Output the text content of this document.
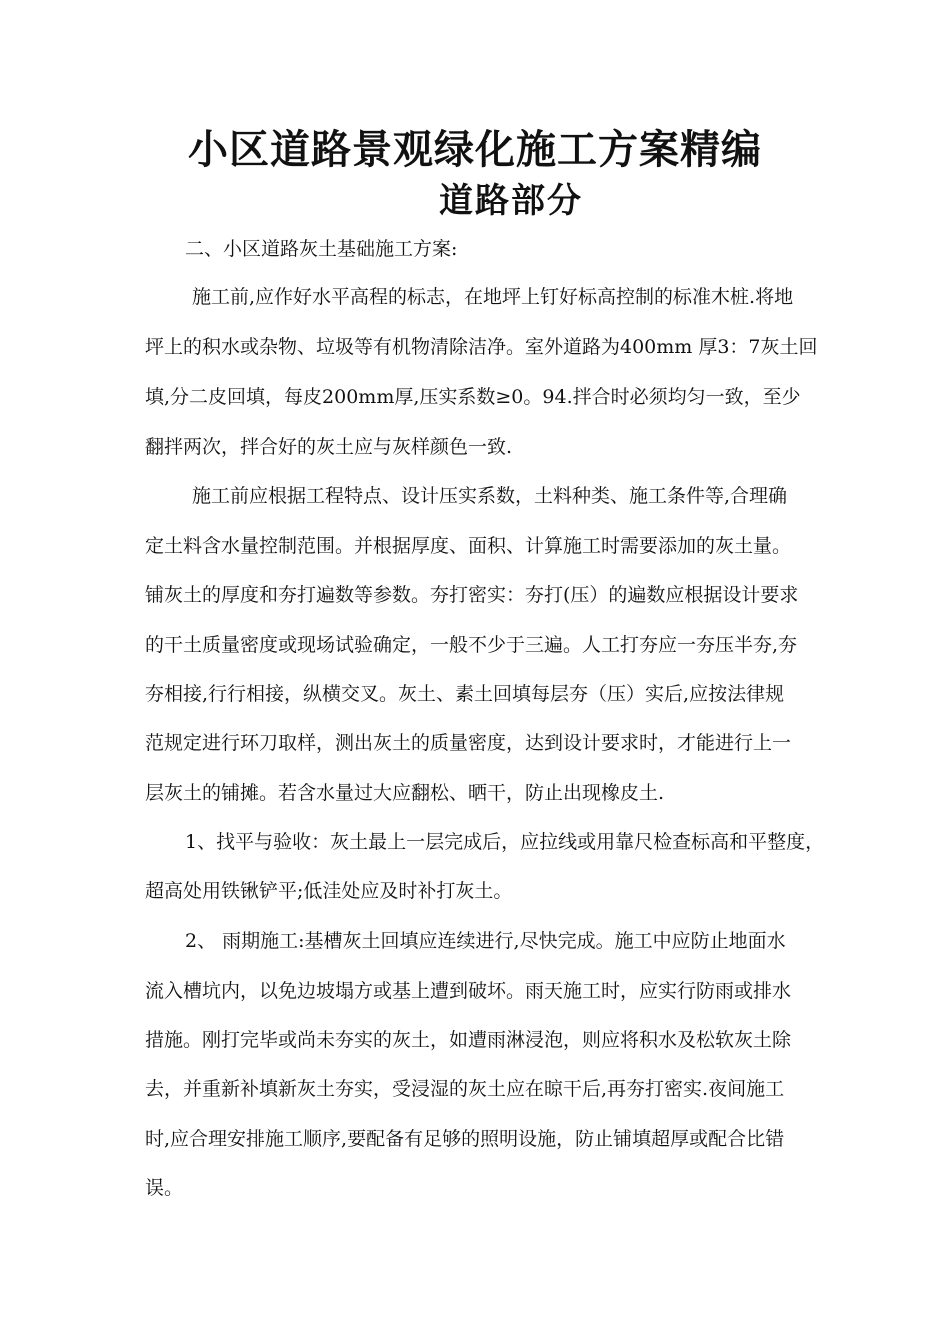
小区道路景观绿化施工方案精编
道路部分

二、小区道路灰土基础施工方案:

施工前,应作好水平高程的标志，在地坪上钉好标高控制的标准木桩.将地

坪上的积水或杂物、垃圾等有机物清除洁净。室外道路为400mm 厚3：7灰土回

填,分二皮回填，每皮200mm厚,压实系数≥0。94.拌合时必须均匀一致，至少

翻拌两次，拌合好的灰土应与灰样颜色一致.

施工前应根据工程特点、设计压实系数，土料种类、施工条件等,合理确

定土料含水量控制范围。并根据厚度、面积、计算施工时需要添加的灰土量。

铺灰土的厚度和夯打遍数等参数。夯打密实：夯打(压）的遍数应根据设计要求

的干土质量密度或现场试验确定，一般不少于三遍。人工打夯应一夯压半夯,夯

夯相接,行行相接，纵横交叉。灰土、素土回填每层夯（压）实后,应按法律规

范规定进行环刀取样，测出灰土的质量密度，达到设计要求时，才能进行上一

层灰土的铺摊。若含水量过大应翻松、晒干，防止出现橡皮土.

1、找平与验收：灰土最上一层完成后，应拉线或用靠尺检查标高和平整度，

超高处用铁锹铲平;低洼处应及时补打灰土。

2、 雨期施工:基槽灰土回填应连续进行,尽快完成。施工中应防止地面水

流入槽坑内，以免边坡塌方或基上遭到破坏。雨天施工时，应实行防雨或排水

措施。刚打完毕或尚未夯实的灰土，如遭雨淋浸泡，则应将积水及松软灰土除

去，并重新补填新灰土夯实，受浸湿的灰土应在晾干后,再夯打密实.夜间施工

时,应合理安排施工顺序,要配备有足够的照明设施，防止铺填超厚或配合比错

误。
